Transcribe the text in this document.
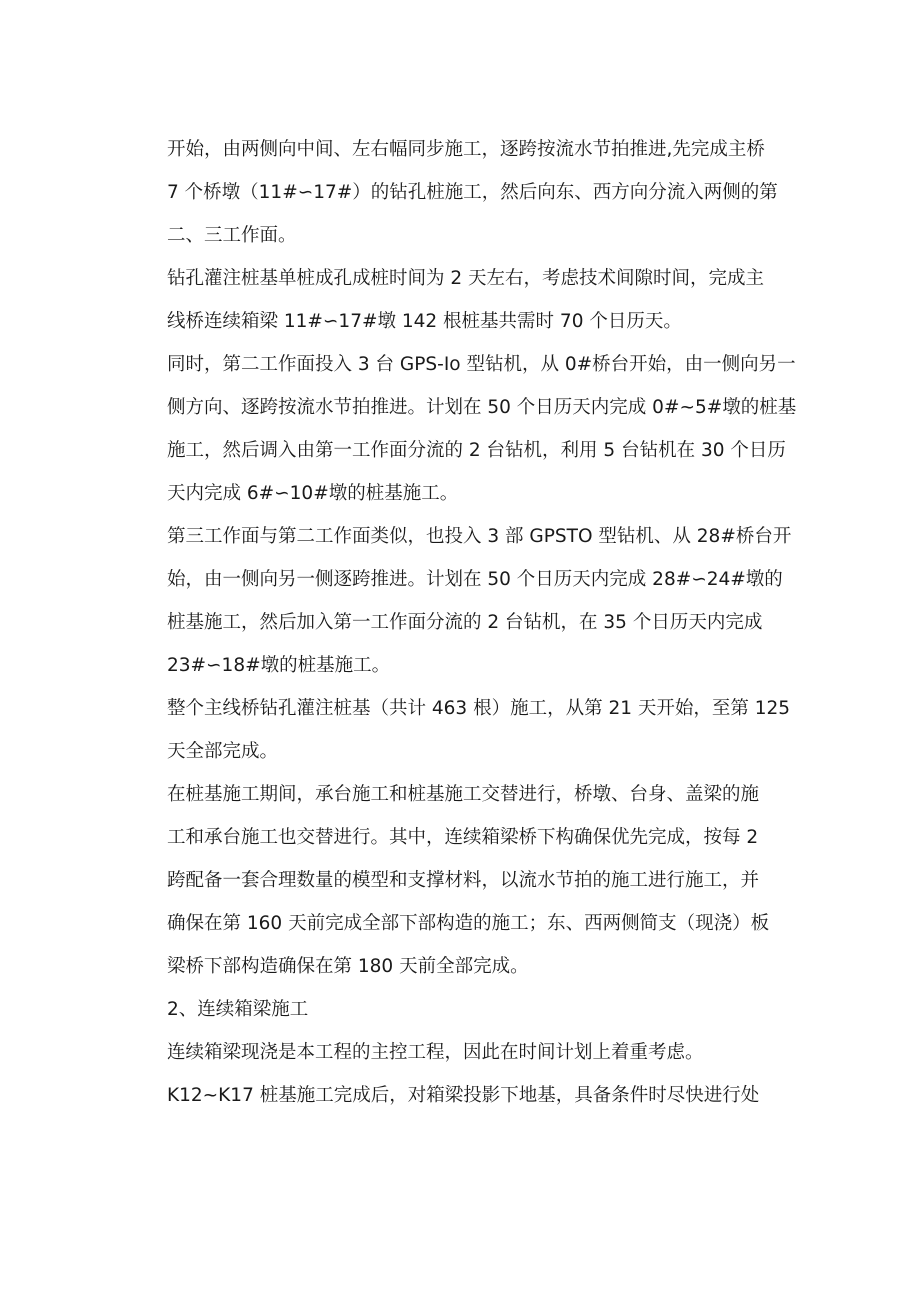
开始，由两侧向中间、左右幅同步施工，逐跨按流水节拍推进,先完成主桥
7 个桥墩（11#∽17#）的钻孔桩施工，然后向东、西方向分流入两侧的第
二、三工作面。
钻孔灌注桩基单桩成孔成桩时间为 2 天左右，考虑技术间隙时间，完成主
线桥连续箱梁 11#∽17#墩 142 根桩基共需时 70 个日历天。
同时，第二工作面投入 3 台 GPS-Io 型钻机，从 0#桥台开始，由一侧向另一
侧方向、逐跨按流水节拍推进。计划在 50 个日历天内完成 0#~5#墩的桩基
施工，然后调入由第一工作面分流的 2 台钻机，利用 5 台钻机在 30 个日历
天内完成 6#∽10#墩的桩基施工。
第三工作面与第二工作面类似，也投入 3 部 GPSTO 型钻机、从 28#桥台开
始，由一侧向另一侧逐跨推进。计划在 50 个日历天内完成 28#∽24#墩的
桩基施工，然后加入第一工作面分流的 2 台钻机，在 35 个日历天内完成
23#∽18#墩的桩基施工。
整个主线桥钻孔灌注桩基（共计 463 根）施工，从第 21 天开始，至第 125
天全部完成。
在桩基施工期间，承台施工和桩基施工交替进行，桥墩、台身、盖梁的施
工和承台施工也交替进行。其中，连续箱梁桥下构确保优先完成，按每 2
跨配备一套合理数量的模型和支撑材料，以流水节拍的施工进行施工，并
确保在第 160 天前完成全部下部构造的施工；东、西两侧简支（现浇）板
梁桥下部构造确保在第 180 天前全部完成。
2、连续箱梁施工
连续箱梁现浇是本工程的主控工程，因此在时间计划上着重考虑。
K12~K17 桩基施工完成后，对箱梁投影下地基，具备条件时尽快进行处
